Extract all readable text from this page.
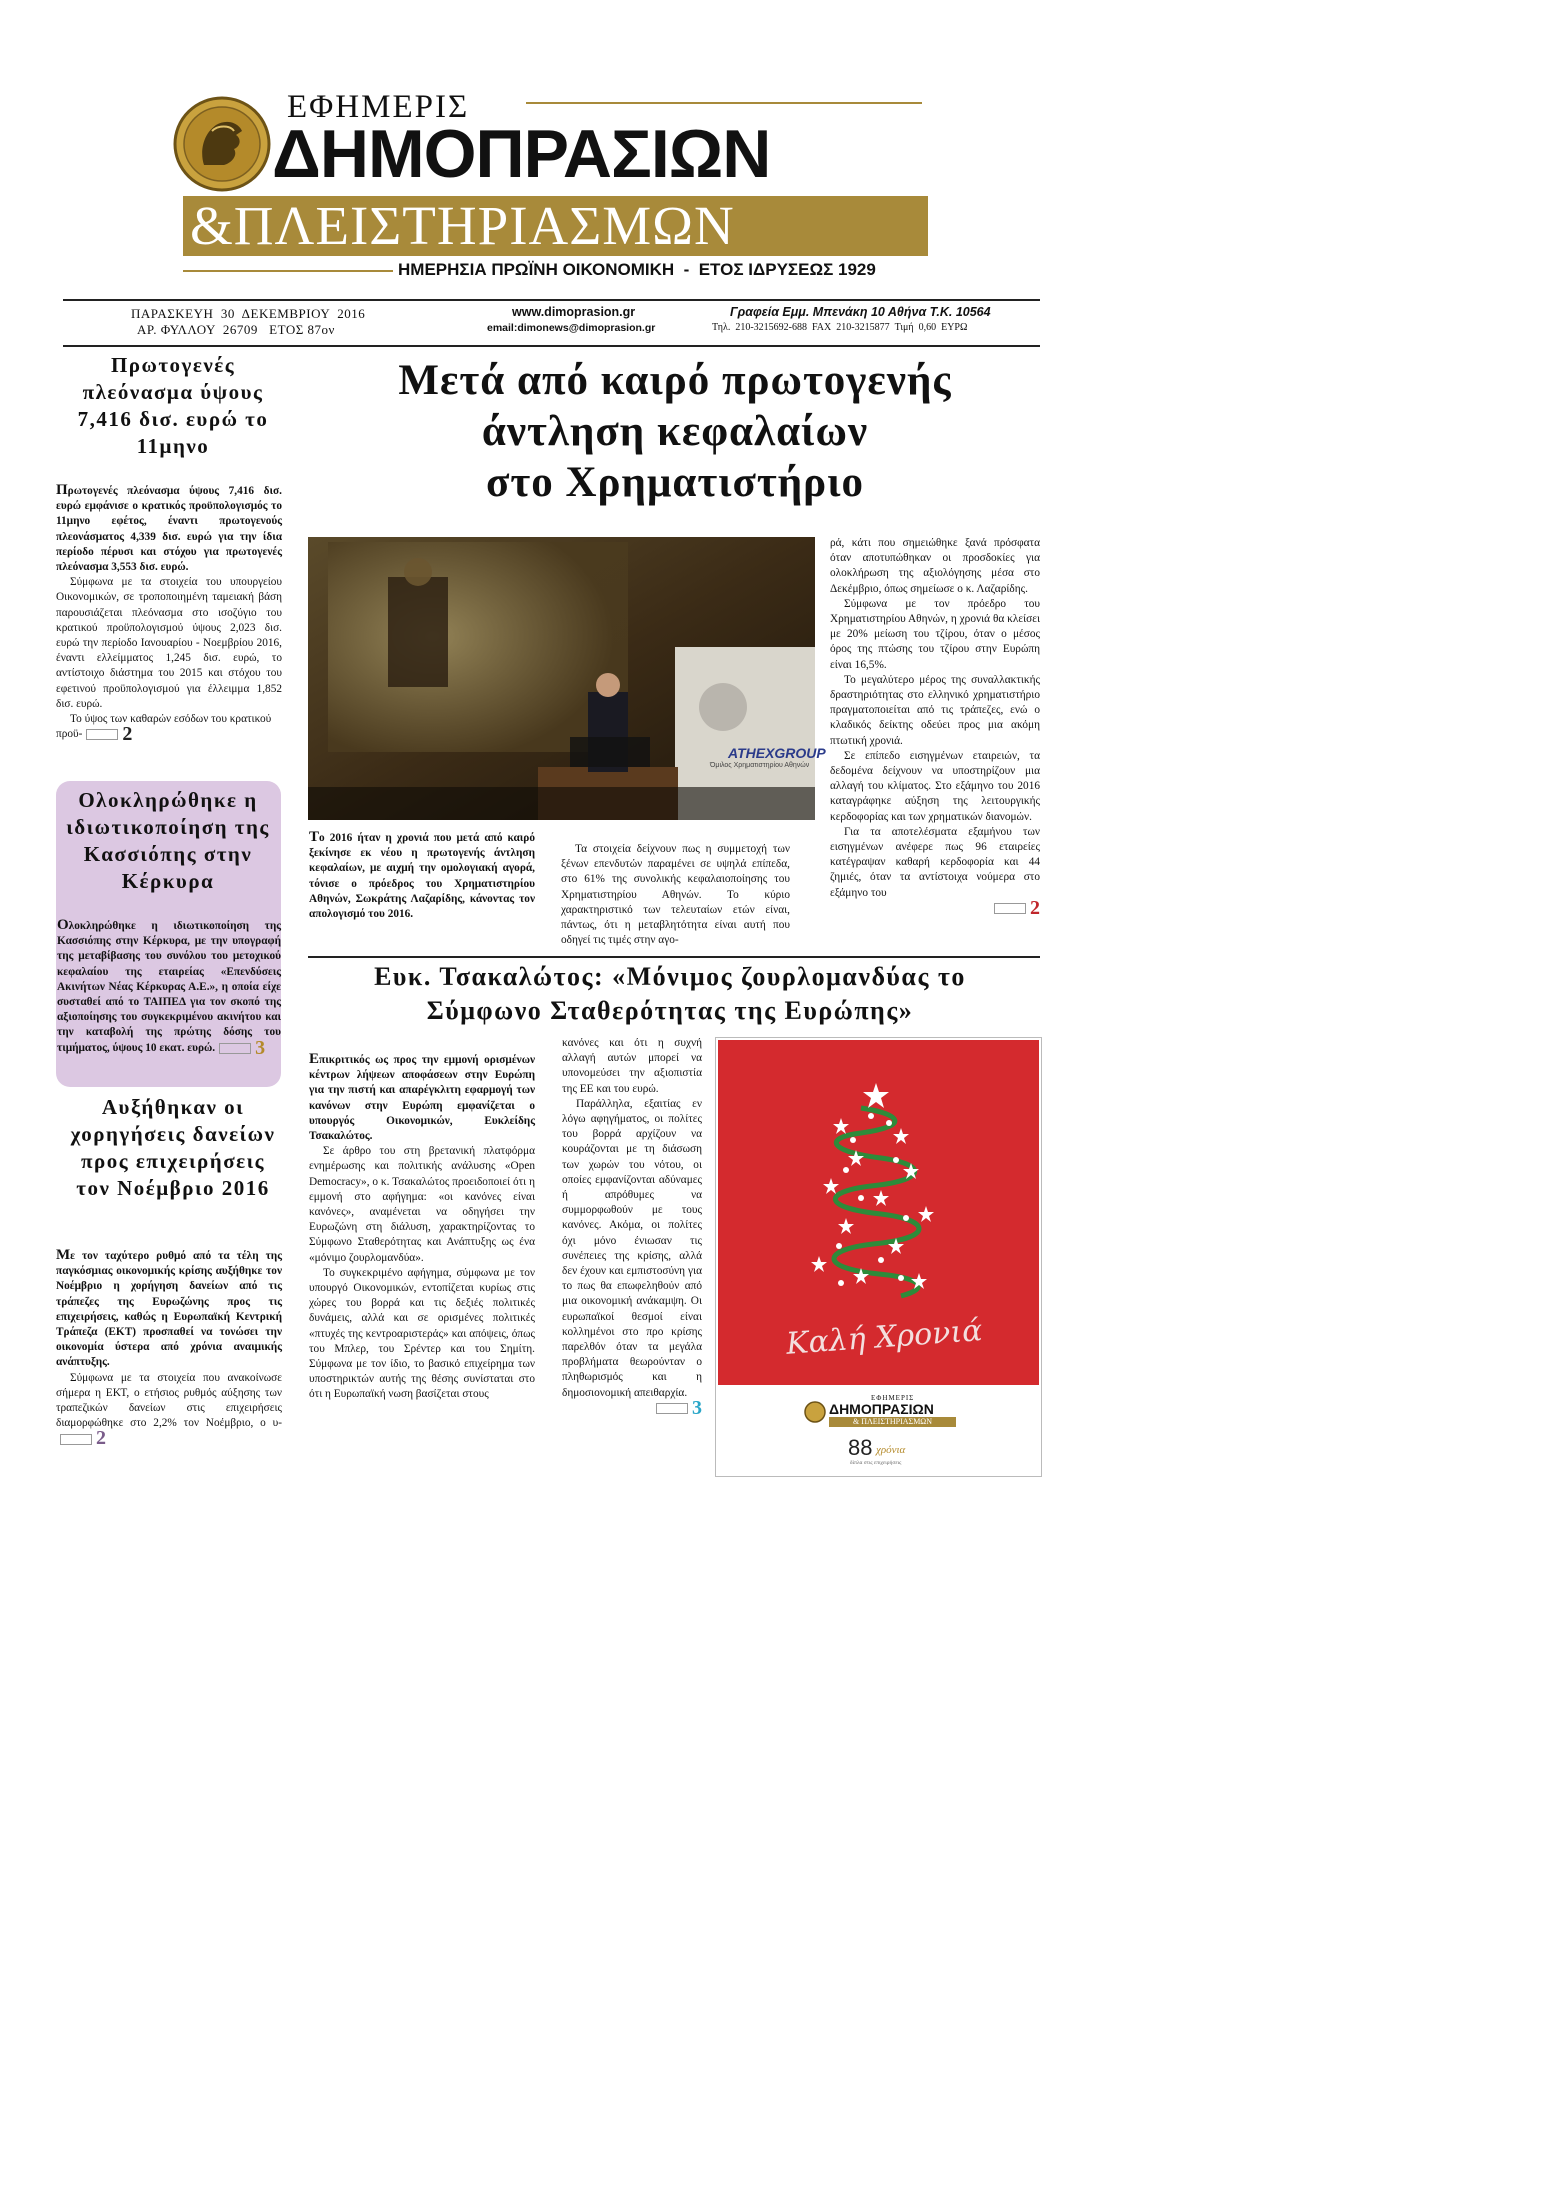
ΕΦΗΜΕΡΙΣ
ΔΗΜΟΠΡΑΣΙΩΝ
&ΠΛΕΙΣΤΗΡΙΑΣΜΩΝ
ΗΜΕΡΗΣΙΑ ΠΡΩΪΝΗ ΟΙΚΟΝΟΜΙΚΗ  -  ΕΤΟΣ ΙΔΡΥΣΕΩΣ 1929
ΠΑΡΑΣΚΕΥΗ  30  ΔΕΚΕΜΒΡΙΟΥ  2016
ΑΡ. ΦΥΛΛΟΥ  26709   ΕΤΟΣ 87ον
www.dimoprasion.gr
email:dimonews@dimoprasion.gr
Γραφεία Εμμ. Μπενάκη 10 Αθήνα Τ.Κ. 10564
Τηλ.  210-3215692-688  FAX  210-3215877  Τιμή  0,60  ΕΥΡΩ
Πρωτογενές πλεόνασμα ύψους 7,416 δισ. ευρώ το 11μηνο

Πρωτογενές πλεόνασμα ύψους 7,416 δισ. ευρώ εμφάνισε ο κρατικός προϋπολογισμός το 11μηνο εφέτος, έναντι πρωτογενούς πλεονάσματος 4,339 δισ. ευρώ για την ίδια περίοδο πέρυσι και στόχου για πρωτογενές πλεόνασμα 3,553 δισ. ευρώ.

Σύμφωνα με τα στοιχεία του υπουργείου Οικονομικών, σε τροποποιημένη ταμειακή βάση παρουσιάζεται πλεόνασμα στο ισοζύγιο του κρατικού προϋπολογισμού ύψους 2,023 δισ. ευρώ την περίοδο Ιανουαρίου - Νοεμβρίου 2016, έναντι ελλείμματος 1,245 δισ. ευρώ, το αντίστοιχο διάστημα του 2015 και στόχου του εφετινού προϋπολογισμού για έλλειμμα 1,852 δισ. ευρώ.

Το ύψος των καθαρών εσόδων του κρατικού προϋ- 2

Ολοκληρώθηκε η ιδιωτικοποίηση της Κασσιόπης στην Κέρκυρα

Ολοκληρώθηκε η ιδιωτικοποίηση της Κασσιόπης στην Κέρκυρα, με την υπογραφή της μεταβίβασης του συνόλου του μετοχικού κεφαλαίου της εταιρείας «Επενδύσεις Ακινήτων Νέας Κέρκυρας Α.Ε.», η οποία είχε συσταθεί από το ΤΑΙΠΕΔ για τον σκοπό της αξιοποίησης του συγκεκριμένου ακινήτου και την καταβολή της πρώτης δόσης του τιμήματος, ύψους 10 εκατ. ευρώ. 3

Αυξήθηκαν οι χορηγήσεις δανείων προς επιχειρήσεις τον Νοέμβριο 2016

Με τον ταχύτερο ρυθμό από τα τέλη της παγκόσμιας οικονομικής κρίσης αυξήθηκε τον Νοέμβριο η χορήγηση δανείων από τις τράπεζες της Ευρωζώνης προς τις επιχειρήσεις, καθώς η Ευρωπαϊκή Κεντρική Τράπεζα (ΕΚΤ) προσπαθεί να τονώσει την οικονομία ύστερα από χρόνια αναιμικής ανάπτυξης.

Σύμφωνα με τα στοιχεία που ανακοίνωσε σήμερα η ΕΚΤ, ο ετήσιος ρυθμός αύξησης των τραπεζικών δανείων στις επιχειρήσεις διαμορφώθηκε στο 2,2% τον Νοέμβριο, ο υ-2

Μετά από καιρό πρωτογενής
άντληση κεφαλαίων
στο Χρηματιστήριο
ATHEXGROUP
Όμιλος Χρηματιστηρίου Αθηνών

Το 2016 ήταν η χρονιά που μετά από καιρό ξεκίνησε εκ νέου η πρωτογενής άντληση κεφαλαίων, με αιχμή την ομολογιακή αγορά, τόνισε ο πρόεδρος του Χρηματιστηρίου Αθηνών, Σωκράτης Λαζαρίδης, κάνοντας τον απολογισμό του 2016.

Τα στοιχεία δείχνουν πως η συμμετοχή των ξένων επενδυτών παραμένει σε υψηλά επίπεδα, στο 61% της συνολικής κεφαλαιοποίησης του Χρηματιστηρίου Αθηνών. Το κύριο χαρακτηριστικό των τελευταίων ετών είναι, πάντως, ότι η μεταβλητότητα είναι αυτή που οδηγεί τις τιμές στην αγο-

ρά, κάτι που σημειώθηκε ξανά πρόσφατα όταν αποτυπώθηκαν οι προσδοκίες για ολοκλήρωση της αξιολόγησης μέσα στο Δεκέμβριο, όπως σημείωσε ο κ. Λαζαρίδης.

Σύμφωνα με τον πρόεδρο του Χρηματιστηρίου Αθηνών, η χρονιά θα κλείσει με 20% μείωση του τζίρου, όταν ο μέσος όρος της πτώσης του τζίρου στην Ευρώπη είναι 16,5%.

Το μεγαλύτερο μέρος της συναλλακτικής δραστηριότητας στο ελληνικό χρηματιστήριο πραγματοποιείται από τις τράπεζες, ενώ ο κλαδικός δείκτης οδεύει προς μια ακόμη πτωτική χρονιά.

Σε επίπεδο εισηγμένων εταιρειών, τα δεδομένα δείχνουν να υποστηρίζουν μια αλλαγή του κλίματος. Στο εξάμηνο του 2016 καταγράφηκε αύξηση της λειτουργικής κερδοφορίας και των χρηματικών διανομών.

Για τα αποτελέσματα εξαμήνου των εισηγμένων ανέφερε πως 96 εταιρείες κατέγραψαν καθαρή κερδοφορία και 44 ζημιές, όταν τα αντίστοιχα νούμερα στο εξάμηνο του

2

Ευκ. Τσακαλώτος: «Μόνιμος ζουρλομανδύας το
Σύμφωνο Σταθερότητας της Ευρώπης»

Επικριτικός ως προς την εμμονή ορισμένων κέντρων λήψεων αποφάσεων στην Ευρώπη για την πιστή και απαρέγκλιτη εφαρμογή των κανόνων στην Ευρώπη εμφανίζεται ο υπουργός Οικονομικών, Ευκλείδης Τσακαλώτος.

Σε άρθρο του στη βρετανική πλατφόρμα ενημέρωσης και πολιτικής ανάλυσης «Open Democracy», ο κ. Τσακαλώτος προειδοποιεί ότι η εμμονή στο αφήγημα: «οι κανόνες είναι κανόνες», αναμένεται να οδηγήσει την Ευρωζώνη στη διάλυση, χαρακτηρίζοντας το Σύμφωνο Σταθερότητας και Ανάπτυξης ως ένα «μόνιμο ζουρλομανδύα».

Το συγκεκριμένο αφήγημα, σύμφωνα με τον υπουργό Οικονομικών, εντοπίζεται κυρίως στις χώρες του βορρά και τις δεξιές πολιτικές δυνάμεις, αλλά και σε ορισμένες πολιτικές «πτυχές της κεντροαριστεράς» και απόψεις, όπως του Μπλερ, του Σρέντερ και του Σημίτη. Σύμφωνα με τον ίδιο, το βασικό επιχείρημα των υποστηρικτών αυτής της θέσης συνίσταται στο ότι η Ευρωπαϊκή νωση βασίζεται στους

κανόνες και ότι η συχνή αλλαγή αυτών μπορεί να υπονομεύσει την αξιοπιστία της ΕΕ και του ευρώ.

Παράλληλα, εξαιτίας εν λόγω αφηγήματος, οι πολίτες του βορρά αρχίζουν να κουράζονται με τη διάσωση των χωρών του νότου, οι οποίες εμφανίζονται αδύναμες ή απρόθυμες να συμμορφωθούν με τους κανόνες. Ακόμα, οι πολίτες όχι μόνο ένιωσαν τις συνέπειες της κρίσης, αλλά δεν έχουν και εμπιστοσύνη για το πως θα επωφεληθούν από μια οικονομική ανάκαμψη. Οι ευρωπαϊκοί θεσμοί είναι κολλημένοι στο προ κρίσης παρελθόν όταν τα μεγάλα προβλήματα θεωρούνταν ο πληθωρισμός και η δημοσιονομική απειθαρχία.

3

Καλή Χρονιά
ΕΦΗΜΕΡΙΣ
ΔΗΜΟΠΡΑΣΙΩΝ
& ΠΛΕΙΣΤΗΡΙΑΣΜΩΝ
88 χρόνια
δίπλα στις επιχειρήσεις
